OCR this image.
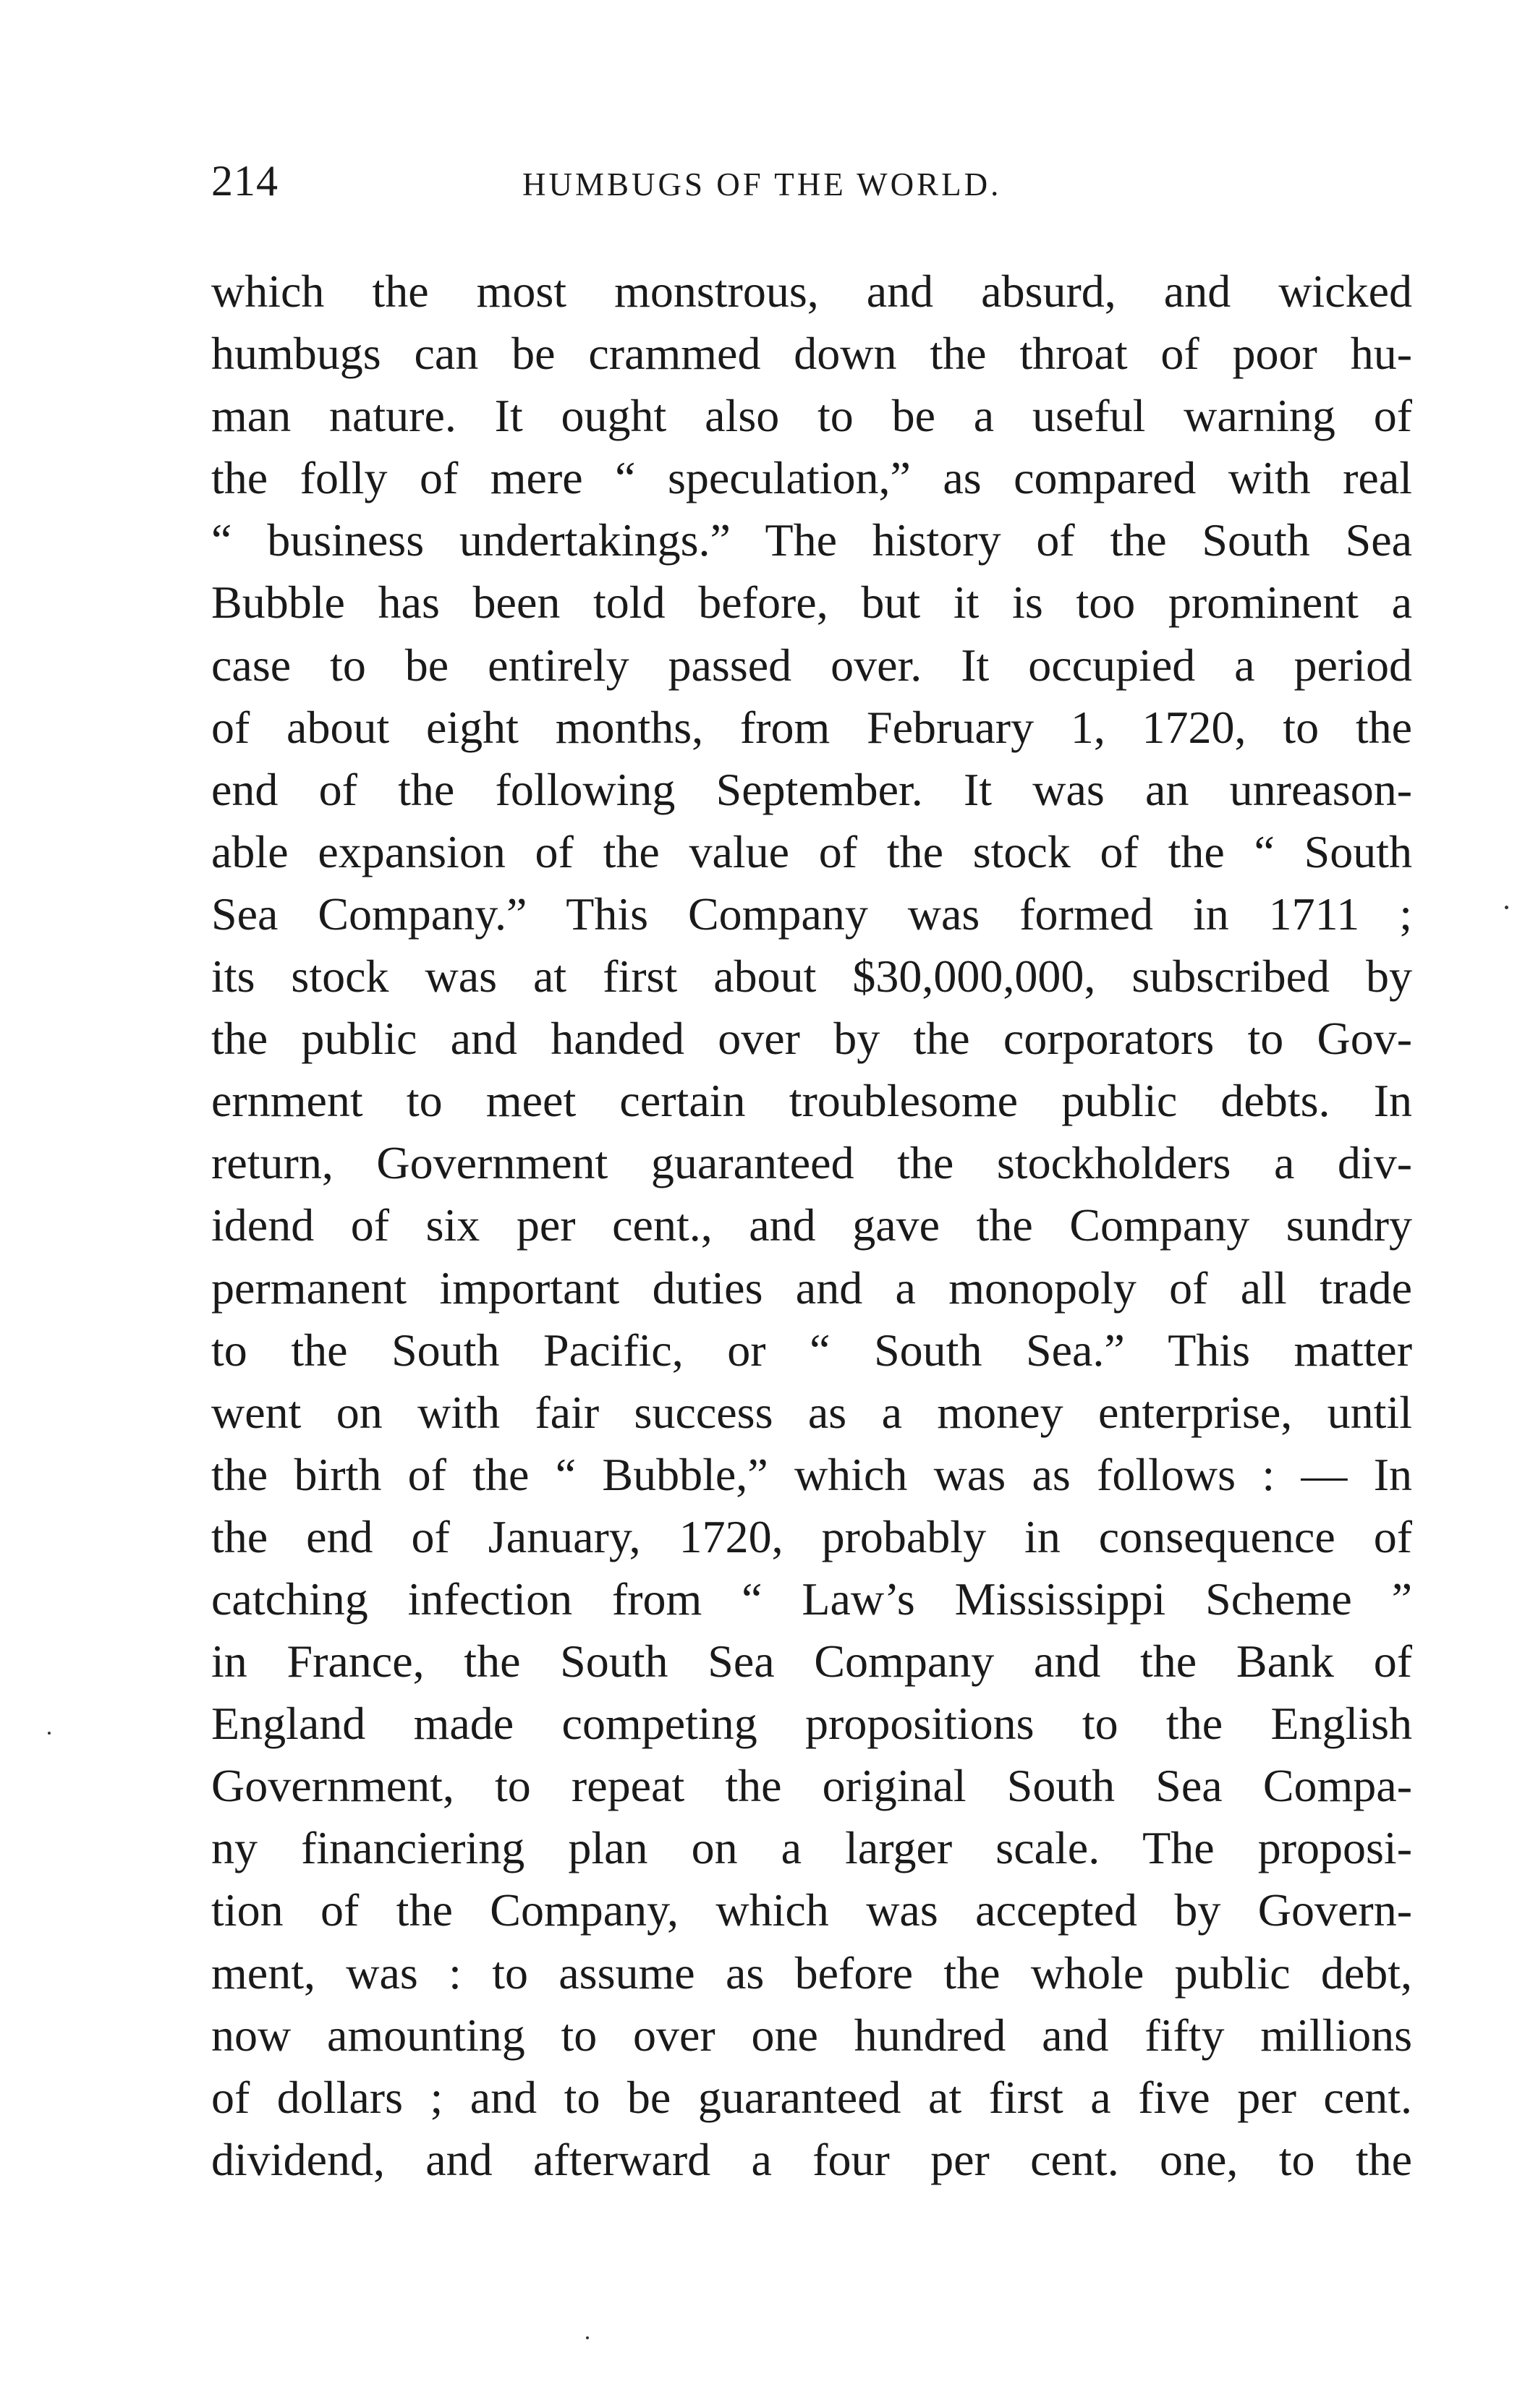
214	HUMBUGS OF THE WORLD.
which the most monstrous, and absurd, and wicked
humbugs can be crammed down the throat of poor hu-
man nature. It ought also to be a useful warning of
the folly of mere “ speculation,” as compared with real
“ business undertakings.” The history of the South Sea
Bubble has been told before, but it is too prominent a
case to be entirely passed over. It occupied a period
of about eight months, from February 1, 1720, to the
end of the following September. It was an unreason-
able expansion of the value of the stock of the “ South
Sea Company.” This Company was formed in 1711 ;
its stock was at first about $30,000,000, subscribed by
the public and handed over by the corporators to Gov-
ernment to meet certain troublesome public debts. In
return, Government guaranteed the stockholders a div-
idend of six per cent., and gave the Company sundry
permanent important duties and a monopoly of all trade
to the South Pacific, or “ South Sea.” This matter
went on with fair success as a money enterprise, until
the birth of the “ Bubble,” which was as follows : — In
the end of January, 1720, probably in consequence of
catching infection from “ Law’s Mississippi Scheme ”
in France, the South Sea Company and the Bank of
England made competing propositions to the English
Government, to repeat the original South Sea Compa-
ny financiering plan on a larger scale. The proposi-
tion of the Company, which was accepted by Govern-
ment, was : to assume as before the whole public debt,
now amounting to over one hundred and fifty millions
of dollars ; and to be guaranteed at first a five per cent.
dividend, and afterward a four per cent. one, to the
